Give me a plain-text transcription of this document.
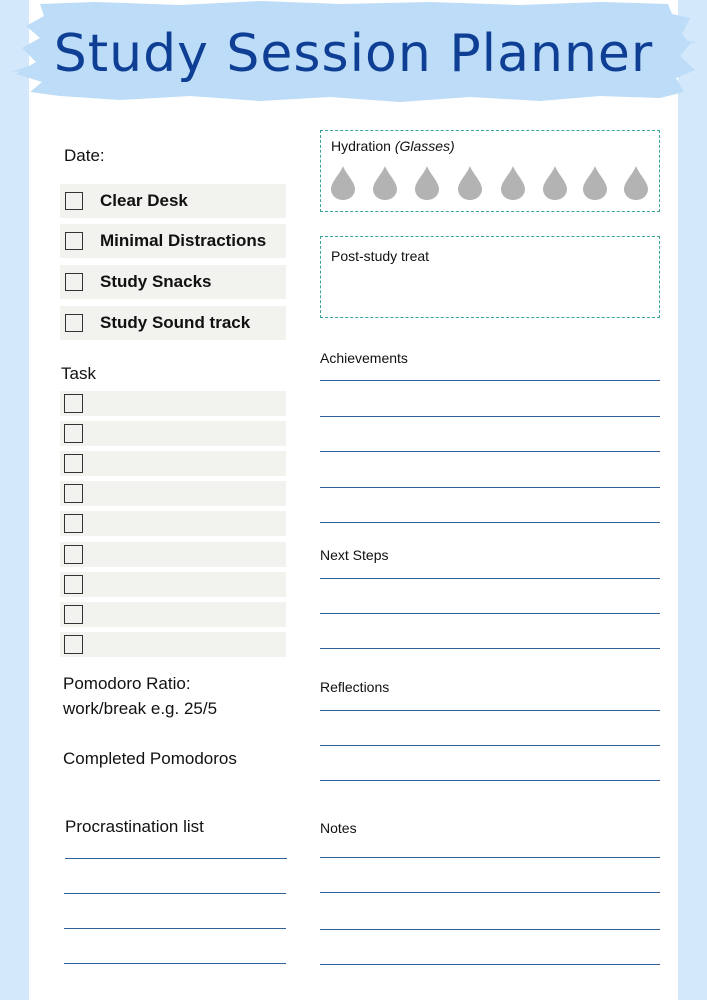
Study Session Planner
Date:
Clear Desk
Minimal Distractions
Study Snacks
Study Sound track
Task
Pomodoro Ratio:
work/break e.g. 25/5
Completed Pomodoros
Procrastination list
Hydration (Glasses)
Post-study treat
Achievements
Next Steps
Reflections
Notes
